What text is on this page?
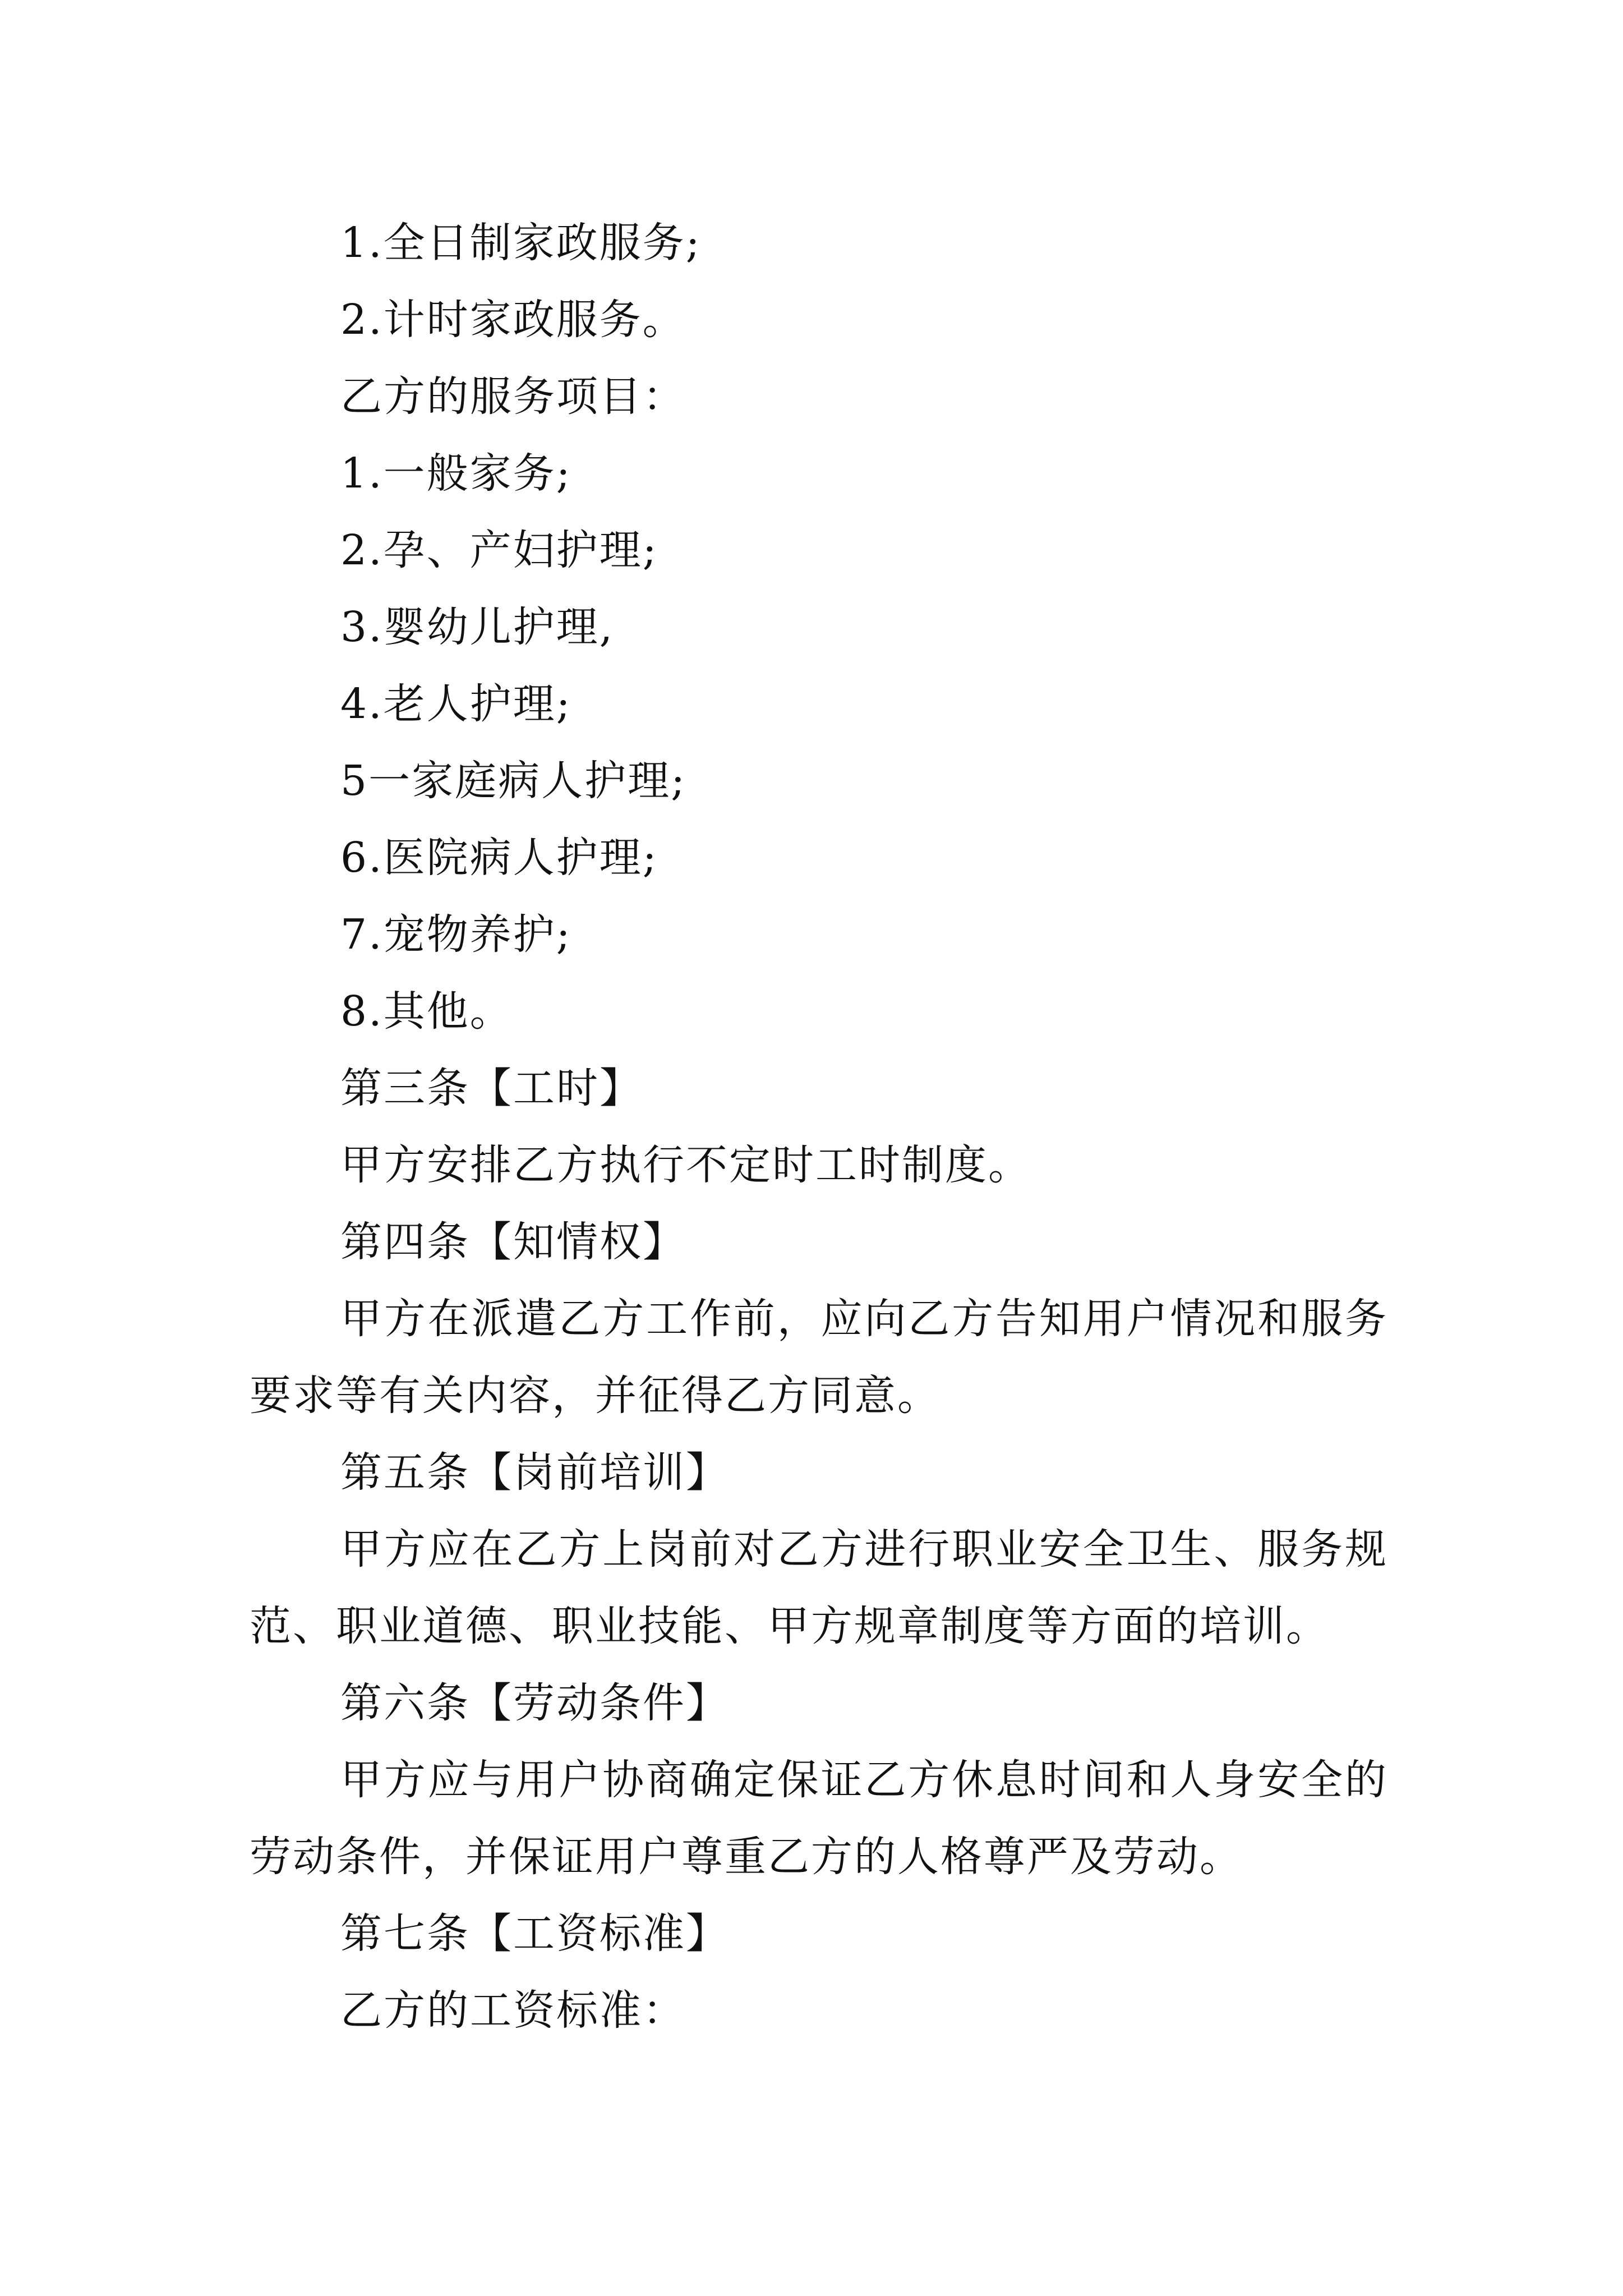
1.全日制家政服务;
2.计时家政服务。
乙方的服务项目：
1.一般家务;
2.孕、产妇护理;
3.婴幼儿护理,
4.老人护理;
5一家庭病人护理;
6.医院病人护理;
7.宠物养护;
8.其他。
第三条【工时】
甲方安排乙方执行不定时工时制度。
第四条【知情权】
甲方在派遣乙方工作前，应向乙方告知用户情况和服务要求等有关内容，并征得乙方同意。
第五条【岗前培训】
甲方应在乙方上岗前对乙方进行职业安全卫生、服务规范、职业道德、职业技能、甲方规章制度等方面的培训。
第六条【劳动条件】
甲方应与用户协商确定保证乙方休息时间和人身安全的劳动条件，并保证用户尊重乙方的人格尊严及劳动。
第七条【工资标准】
乙方的工资标准：
